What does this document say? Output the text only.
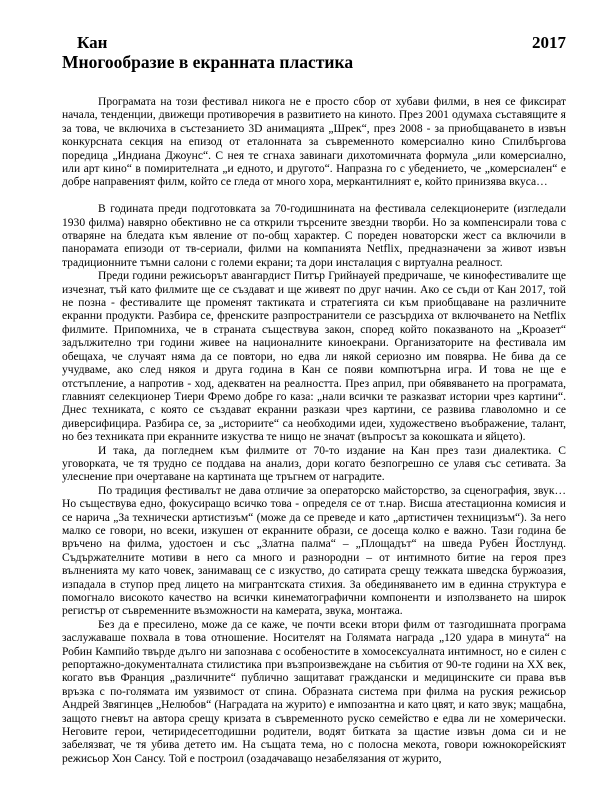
Кан	2017
Многообразие в екранната пластика

Програмата на този фестивал никога не е просто сбор от хубави филми, в нея се фиксират начала, тенденции, движещи противоречия в развитието на киното. През 2001 одумаха съставящите я за това, че включиха в състезанието 3D анимацията „Шрек“, през 2008 - за приобщаването в извън конкурсната секция на епизод от еталонната за съвременното комерсиално кино Спилбъргова поредица „Индиана Джоунс“. С нея те сгнаха завинаги дихотомичната формула „или комерсиално, или арт кино“ в помирителната „и едното, и другото“. Напразна го с убедението, че „комерсиален“ е добре направеният филм, който се гледа от много хора, меркантилният е, който принизява вкуса…

В годината преди подготовката за 70-годишнината на фестивала селекционерите (изгледали 1930 филма) навярно обективно не са открили търсените звездни творби. Но за компенсирали това с отваряне на бледата към явление от по-общ характер. С пореден новаторски жест са включили в панорамата епизоди от тв-сериали, филми на компанията Netflix, предназначени за живот извън традиционните тъмни салони с големи екрани; та дори инсталация с виртуална реалност.

Преди години режисьорът авангардист Питър Грийнауей предричаше, че кинофестивалите ще изчезнат, тъй като филмите ще се създават и ще живеят по друг начин. Ако се съди от Кан 2017, той не позна - фестивалите ще променят тактиката и стратегията си към приобщаване на различните екранни продукти. Разбира се, френските разпространители се разсърдиха от включването на Netflix филмите. Припомниха, че в страната съществува закон, според който показваното на „Кроазет“ задължително три години живее на националните киноекрани. Организаторите на фестивала им обещаха, че случаят няма да се повтори, но едва ли някой сериозно им повярва. Не бива да се учудваме, ако след някоя и друга година в Кан се появи компютърна игра. И това не ще е отстъпление, а напротив - ход, адекватен на реалността. През април, при обявяването на програмата, главният селекционер Тиери Фремо добре го каза: „нали всички те разказват истории чрез картини“. Днес техниката, с която се създават екранни разкази чрез картини, се развива главоломно и се диверсифицира. Разбира се, за „историите“ са необходими идеи, художествено въображение, талант, но без техниката при екранните изкуства те нищо не значат (въпросът за кокошката и яйцето).

И така, да погледнем към филмите от 70-то издание на Кан през тази диалектика. С уговорката, че тя трудно се поддава на анализ, дори когато безпогрешно се улавя със сетивата. За улеснение при очертаване на картината ще тръгнем от наградите.

По традиция фестивалът не дава отличие за операторско майсторство, за сценография, звук… Но съществува едно, фокусиращо всичко това - определя се от т.нар. Висша атестационна комисия и се нарича „За технически артистизъм“ (може да се преведе и като „артистичен техницизъм“). За него малко се говори, но всеки, изкушен от екранните образи, се досеща колко е важно. Тази година бе връчено на филма, удостоен и със „Златна палма“ – „Площадът“ на шведа Рубен Йостлунд. Съдържателните мотиви в него са много и разнородни – от интимното битие на героя през вълненията му като човек, занимаващ се с изкуство, до сатирата срещу тежката шведска буржоазия, изпадала в ступор пред лицето на мигрантската стихия. За обединяването им в единна структура е помогнало високото качество на всички кинематографични компоненти и използването на широк регистър от съвременните възможности на камерата, звука, монтажа.

Без да е пресилено, може да се каже, че почти всеки втори филм от тазгодишната програма заслужаваше похвала в това отношение. Носителят на Голямата награда „120 удара в минута“ на Робин Кампийо твърде дълго ни запознава с особеностите в хомосексуалната интимност, но е силен с репортажно-документалната стилистика при възпроизвеждане на събития от 90-те години на ХХ век, когато във Франция „различните“ публично защитават граждански и медицинските си права във връзка с по-голямата им уязвимост от спина. Образната система при филма на руския режисьор Андрей Звягинцев „Нелюбов“ (Наградата на журито) е импозантна и като цвят, и като звук; мащабна, защото гневът на автора срещу кризата в съвременното руско семейство е едва ли не хомерически. Неговите герои, четиридесетгодишни родители, водят битката за щастие извън дома си и не забелязват, че тя убива детето им. На същата тема, но с полосна мекота, говори южнокорейският режисьор Хон Сансу. Той е построил (озадачаващо незабелязания от журито,
